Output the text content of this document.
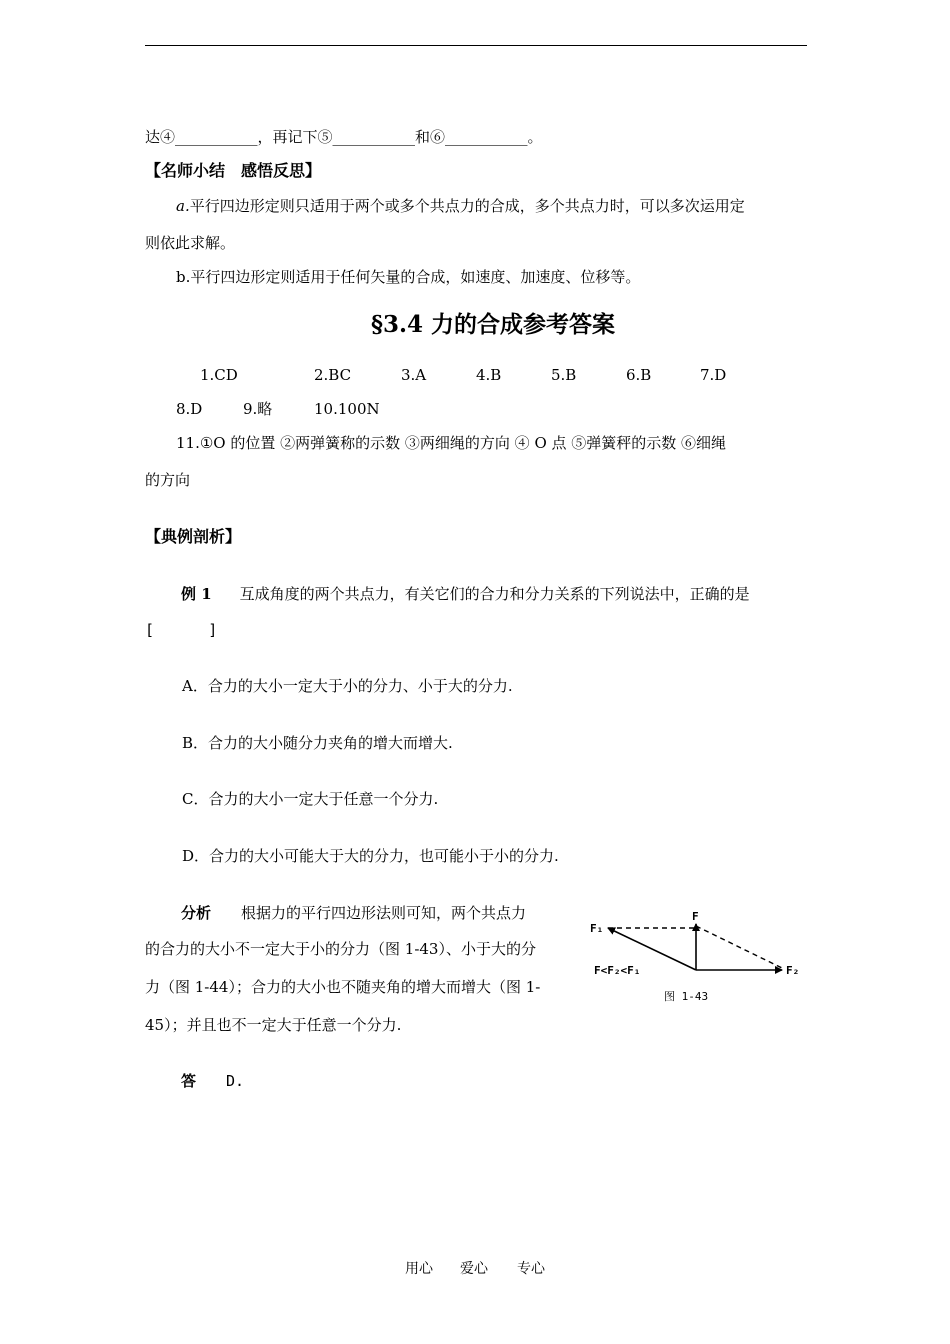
达④___________，再记下⑤___________和⑥___________。
【名师小结　感悟反思】
a.平行四边形定则只适用于两个或多个共点力的合成，多个共点力时，可以多次运用定
则依此求解。
b.平行四边形定则适用于任何矢量的合成，如速度、加速度、位移等。
§3.4 力的合成参考答案
1.CD	2.BC	3.A	4.B	5.B	6.B	7.D
8.D	9.略	10.100N
11.①O 的位置 ②两弹簧称的示数 ③两细绳的方向 ④ O 点 ⑤弹簧秤的示数 ⑥细绳
的方向
【典例剖析】
例 1 互成角度的两个共点力，有关它们的合力和分力关系的下列说法中，正确的是
[      ]
A．合力的大小一定大于小的分力、小于大的分力.
B．合力的大小随分力夹角的增大而增大.
C．合力的大小一定大于任意一个分力.
D．合力的大小可能大于大的分力，也可能小于小的分力.
分析 根据力的平行四边形法则可知，两个共点力
的合力的大小不一定大于小的分力（图 1-43）、小于大的分
力（图 1-44）；合力的大小也不随夹角的增大而增大（图 1-
45）；并且也不一定大于任意一个分力.
答 D.
F
F₁
F₂
F<F₂<F₁
图 1-43
用心 爱心 专心
